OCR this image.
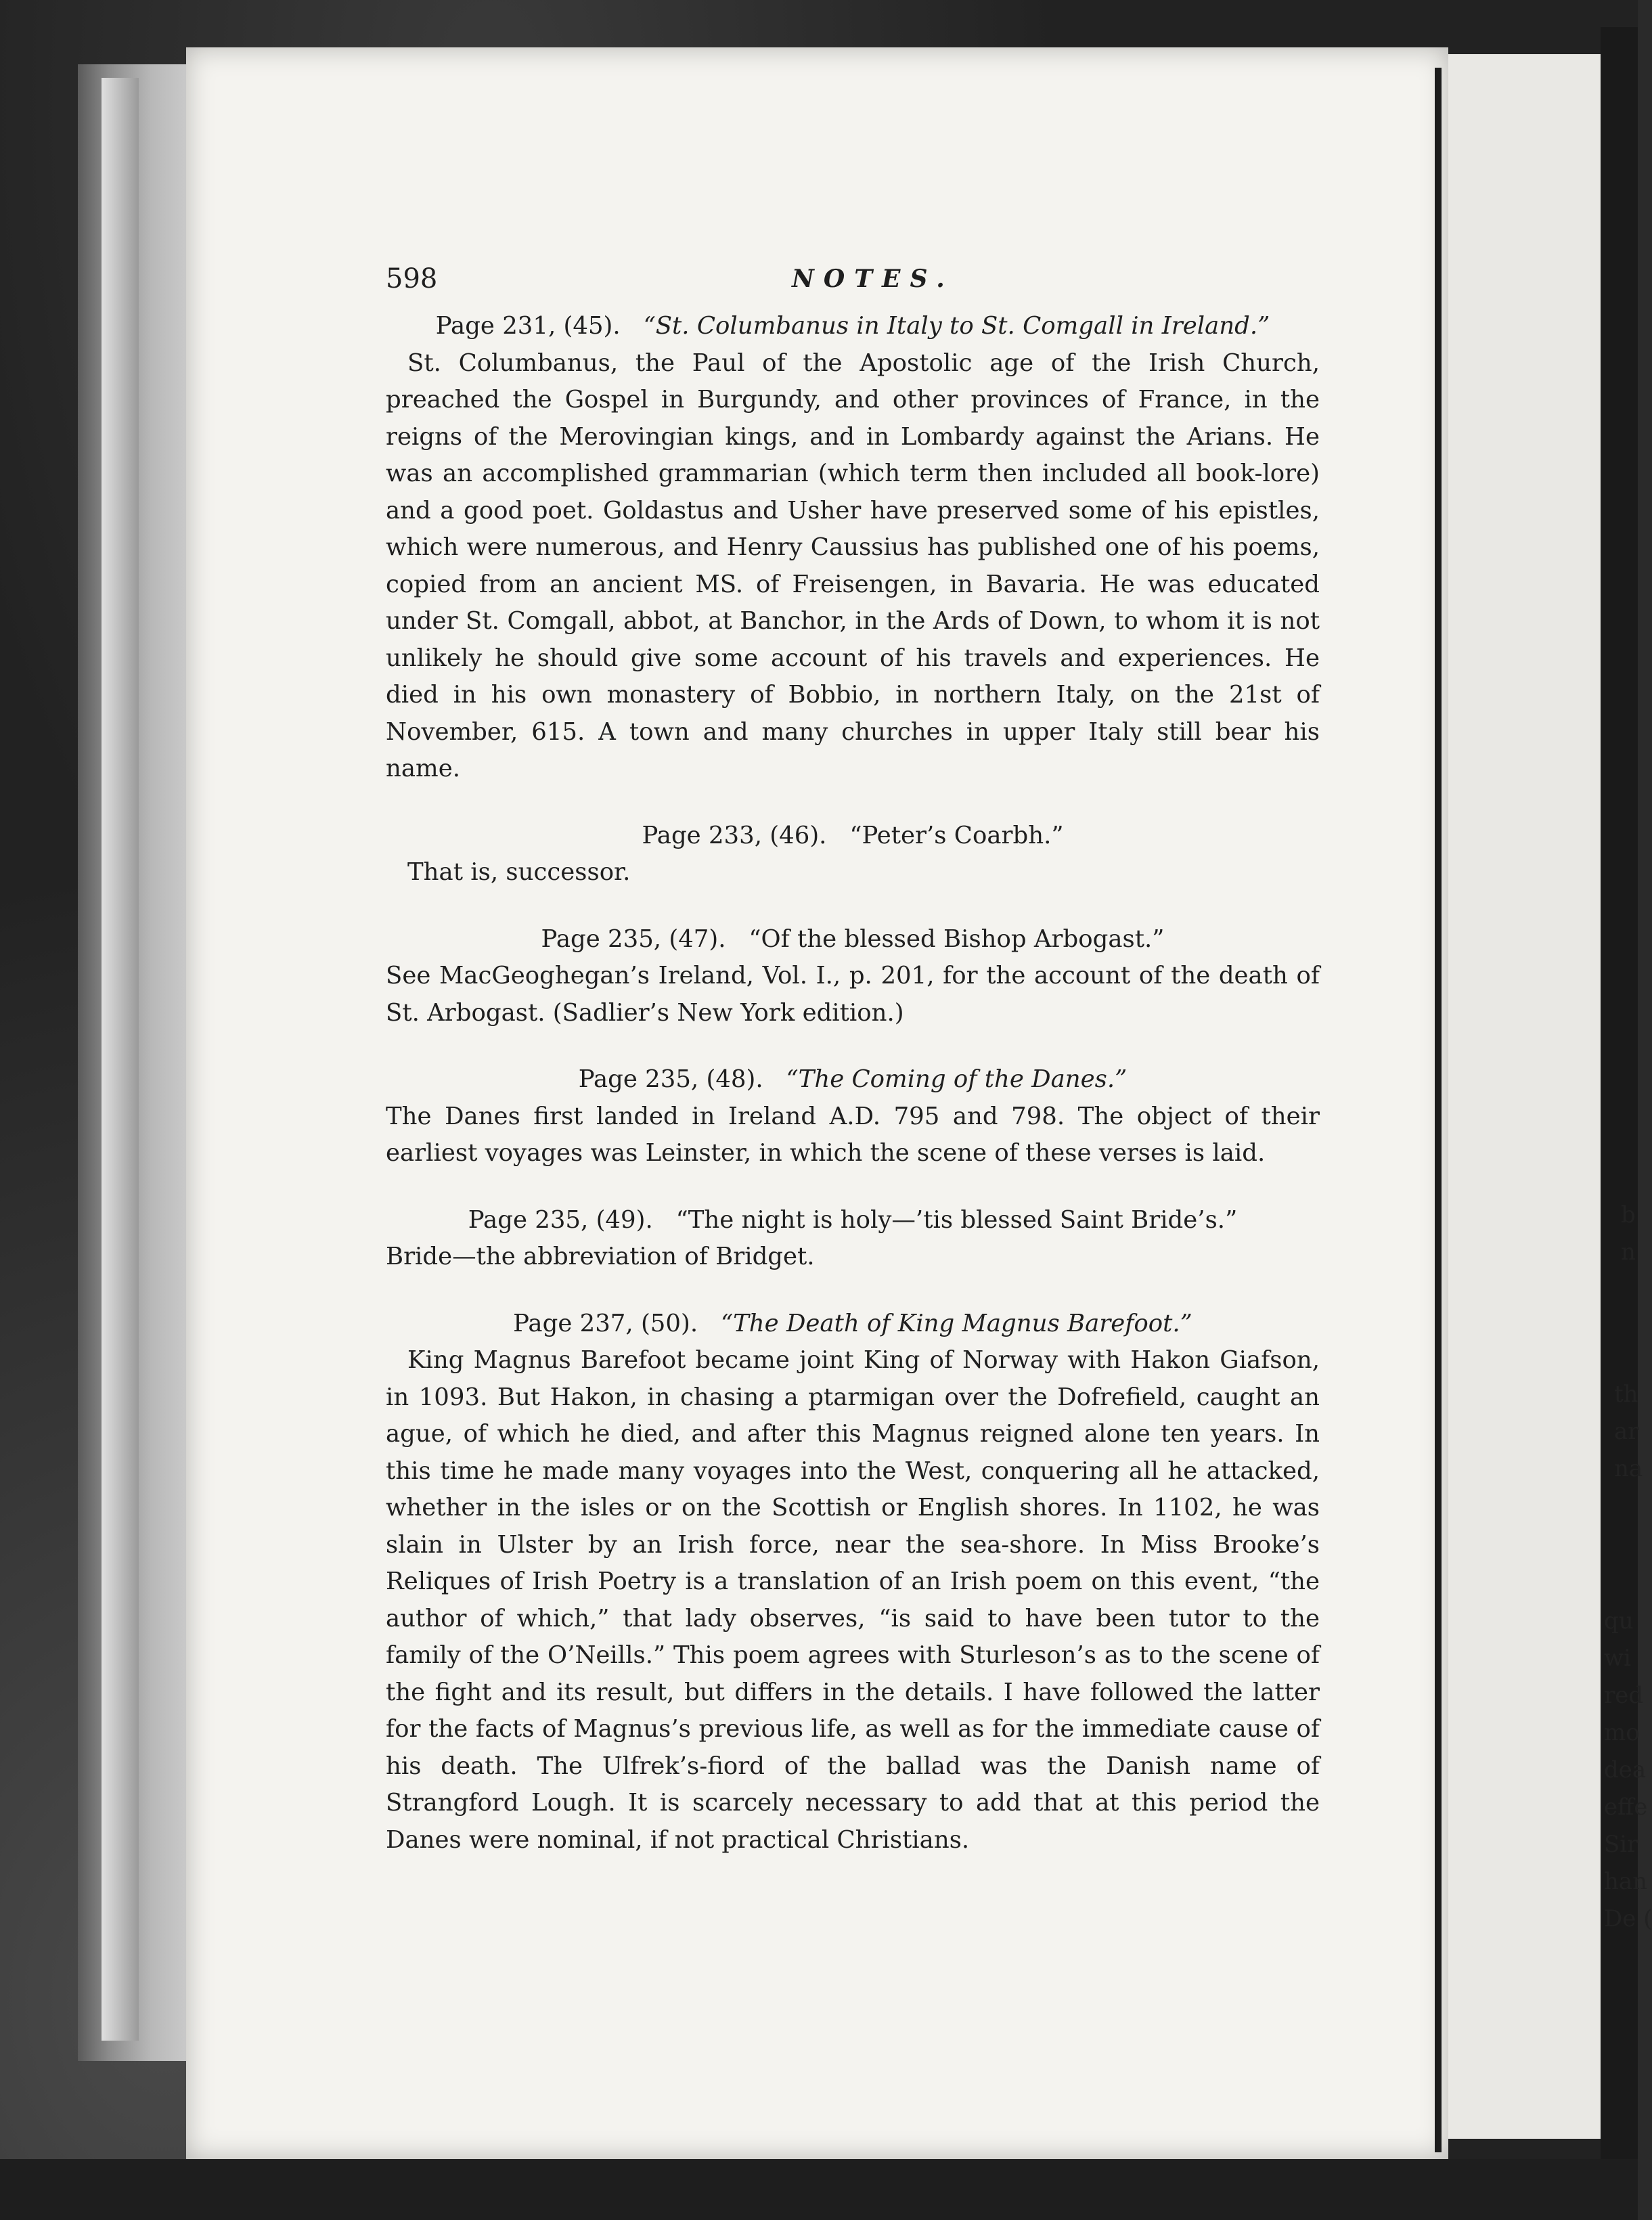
b
n
th
ar
na
qu
wi
red
mo
dea
effe
Sir
han
De (
598	NOTES.

Page 231, (45). “St. Columbanus in Italy to St. Comgall in Ireland.”

St. Columbanus, the Paul of the Apostolic age of the Irish Church, preached the Gospel in Burgundy, and other provinces of France, in the reigns of the Merovingian kings, and in Lombardy against the Arians. He was an accomplished grammarian (which term then included all book-lore) and a good poet. Goldastus and Usher have preserved some of his epistles, which were numerous, and Henry Caussius has published one of his poems, copied from an ancient MS. of Freisengen, in Bavaria. He was educated under St. Comgall, abbot, at Banchor, in the Ards of Down, to whom it is not unlikely he should give some account of his travels and experiences. He died in his own monastery of Bobbio, in northern Italy, on the 21st of November, 615. A town and many churches in upper Italy still bear his name.

Page 233, (46). “Peter’s Coarbh.”

That is, successor.

Page 235, (47). “Of the blessed Bishop Arbogast.”

See MacGeoghegan’s Ireland, Vol. I., p. 201, for the account of the death of St. Arbogast. (Sadlier’s New York edition.)

Page 235, (48). “The Coming of the Danes.”

The Danes first landed in Ireland A.D. 795 and 798. The object of their earliest voyages was Leinster, in which the scene of these verses is laid.

Page 235, (49). “The night is holy—’tis blessed Saint Bride’s.”

Bride—the abbreviation of Bridget.

Page 237, (50). “The Death of King Magnus Barefoot.”

King Magnus Barefoot became joint King of Norway with Hakon Giafson, in 1093. But Hakon, in chasing a ptarmigan over the Dofrefield, caught an ague, of which he died, and after this Magnus reigned alone ten years. In this time he made many voyages into the West, conquering all he attacked, whether in the isles or on the Scottish or English shores. In 1102, he was slain in Ulster by an Irish force, near the sea-shore. In Miss Brooke’s Reliques of Irish Poetry is a translation of an Irish poem on this event, “the author of which,” that lady observes, “is said to have been tutor to the family of the O’Neills.” This poem agrees with Sturleson’s as to the scene of the fight and its result, but differs in the details. I have followed the latter for the facts of Magnus’s previous life, as well as for the immediate cause of his death. The Ulfrek’s-fiord of the ballad was the Danish name of Strangford Lough. It is scarcely necessary to add that at this period the Danes were nominal, if not practical Christians.
